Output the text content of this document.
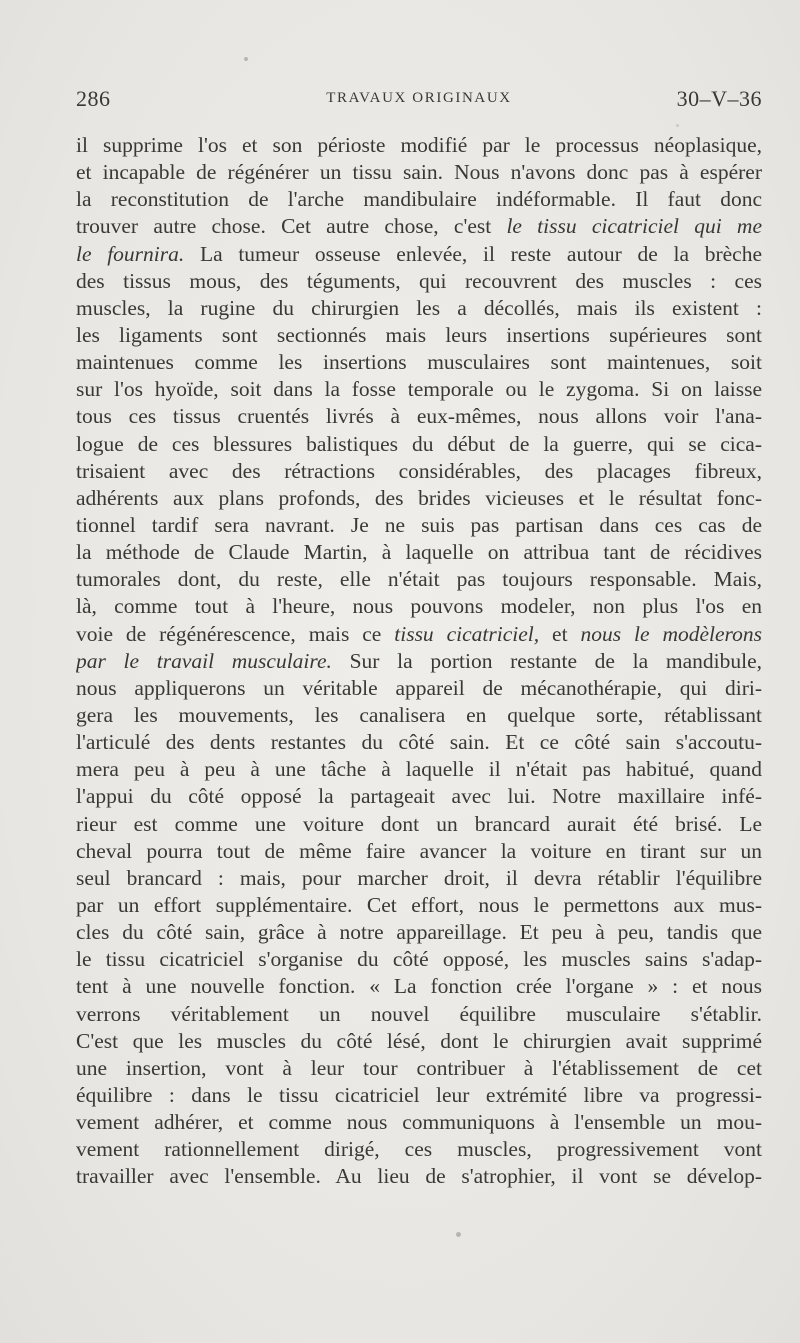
286	TRAVAUX ORIGINAUX	30–V–36
il supprime l'os et son périoste modifié par le processus néoplasique,
et incapable de régénérer un tissu sain. Nous n'avons donc pas à espérer
la reconstitution de l'arche mandibulaire indéformable. Il faut donc
trouver autre chose. Cet autre chose, c'est le tissu cicatriciel qui me
le fournira. La tumeur osseuse enlevée, il reste autour de la brèche
des tissus mous, des téguments, qui recouvrent des muscles : ces
muscles, la rugine du chirurgien les a décollés, mais ils existent :
les ligaments sont sectionnés mais leurs insertions supérieures sont
maintenues comme les insertions musculaires sont maintenues, soit
sur l'os hyoïde, soit dans la fosse temporale ou le zygoma. Si on laisse
tous ces tissus cruentés livrés à eux-mêmes, nous allons voir l'ana-
logue de ces blessures balistiques du début de la guerre, qui se cica-
trisaient avec des rétractions considérables, des placages fibreux,
adhérents aux plans profonds, des brides vicieuses et le résultat fonc-
tionnel tardif sera navrant. Je ne suis pas partisan dans ces cas de
la méthode de Claude Martin, à laquelle on attribua tant de récidives
tumorales dont, du reste, elle n'était pas toujours responsable. Mais,
là, comme tout à l'heure, nous pouvons modeler, non plus l'os en
voie de régénérescence, mais ce tissu cicatriciel, et nous le modèlerons
par le travail musculaire. Sur la portion restante de la mandibule,
nous appliquerons un véritable appareil de mécanothérapie, qui diri-
gera les mouvements, les canalisera en quelque sorte, rétablissant
l'articulé des dents restantes du côté sain. Et ce côté sain s'accoutu-
mera peu à peu à une tâche à laquelle il n'était pas habitué, quand
l'appui du côté opposé la partageait avec lui. Notre maxillaire infé-
rieur est comme une voiture dont un brancard aurait été brisé. Le
cheval pourra tout de même faire avancer la voiture en tirant sur un
seul brancard : mais, pour marcher droit, il devra rétablir l'équilibre
par un effort supplémentaire. Cet effort, nous le permettons aux mus-
cles du côté sain, grâce à notre appareillage. Et peu à peu, tandis que
le tissu cicatriciel s'organise du côté opposé, les muscles sains s'adap-
tent à une nouvelle fonction. « La fonction crée l'organe » : et nous
verrons véritablement un nouvel équilibre musculaire s'établir.
C'est que les muscles du côté lésé, dont le chirurgien avait supprimé
une insertion, vont à leur tour contribuer à l'établissement de cet
équilibre : dans le tissu cicatriciel leur extrémité libre va progressi-
vement adhérer, et comme nous communiquons à l'ensemble un mou-
vement rationnellement dirigé, ces muscles, progressivement vont
travailler avec l'ensemble. Au lieu de s'atrophier, il vont se dévelop-
